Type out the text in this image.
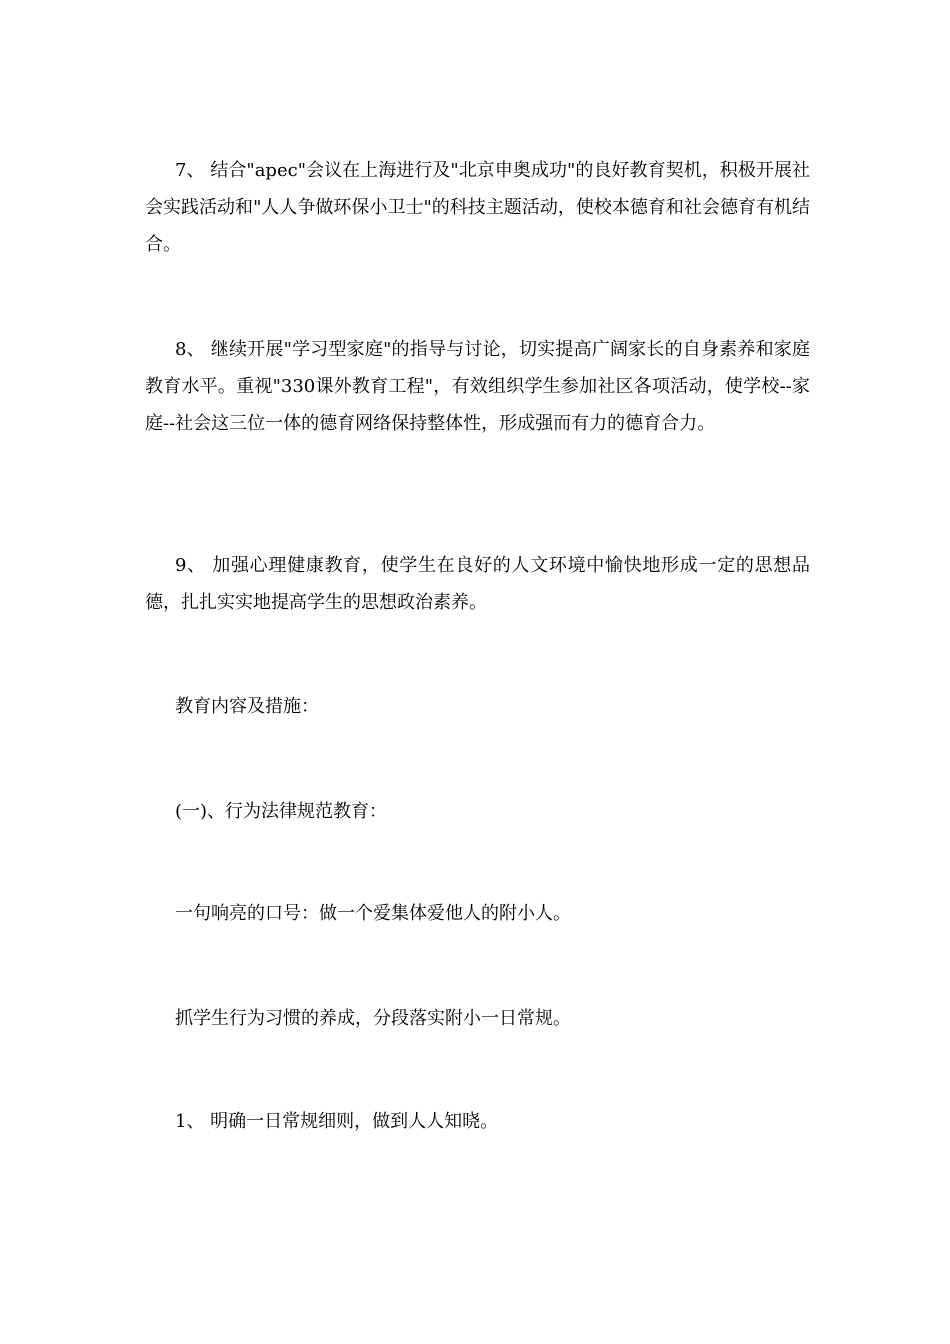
7、 结合"apec"会议在上海进行及"北京申奥成功"的良好教育契机，积极开展社会实践活动和"人人争做环保小卫士"的科技主题活动，使校本德育和社会德育有机结合。

8、 继续开展"学习型家庭"的指导与讨论，切实提高广阔家长的自身素养和家庭教育水平。重视"330课外教育工程"，有效组织学生参加社区各项活动，使学校--家庭--社会这三位一体的德育网络保持整体性，形成强而有力的德育合力。

9、 加强心理健康教育，使学生在良好的人文环境中愉快地形成一定的思想品德，扎扎实实地提高学生的思想政治素养。

教育内容及措施：

(一)、行为法律规范教育：

一句响亮的口号：做一个爱集体爱他人的附小人。

抓学生行为习惯的养成，分段落实附小一日常规。

1、 明确一日常规细则，做到人人知晓。
